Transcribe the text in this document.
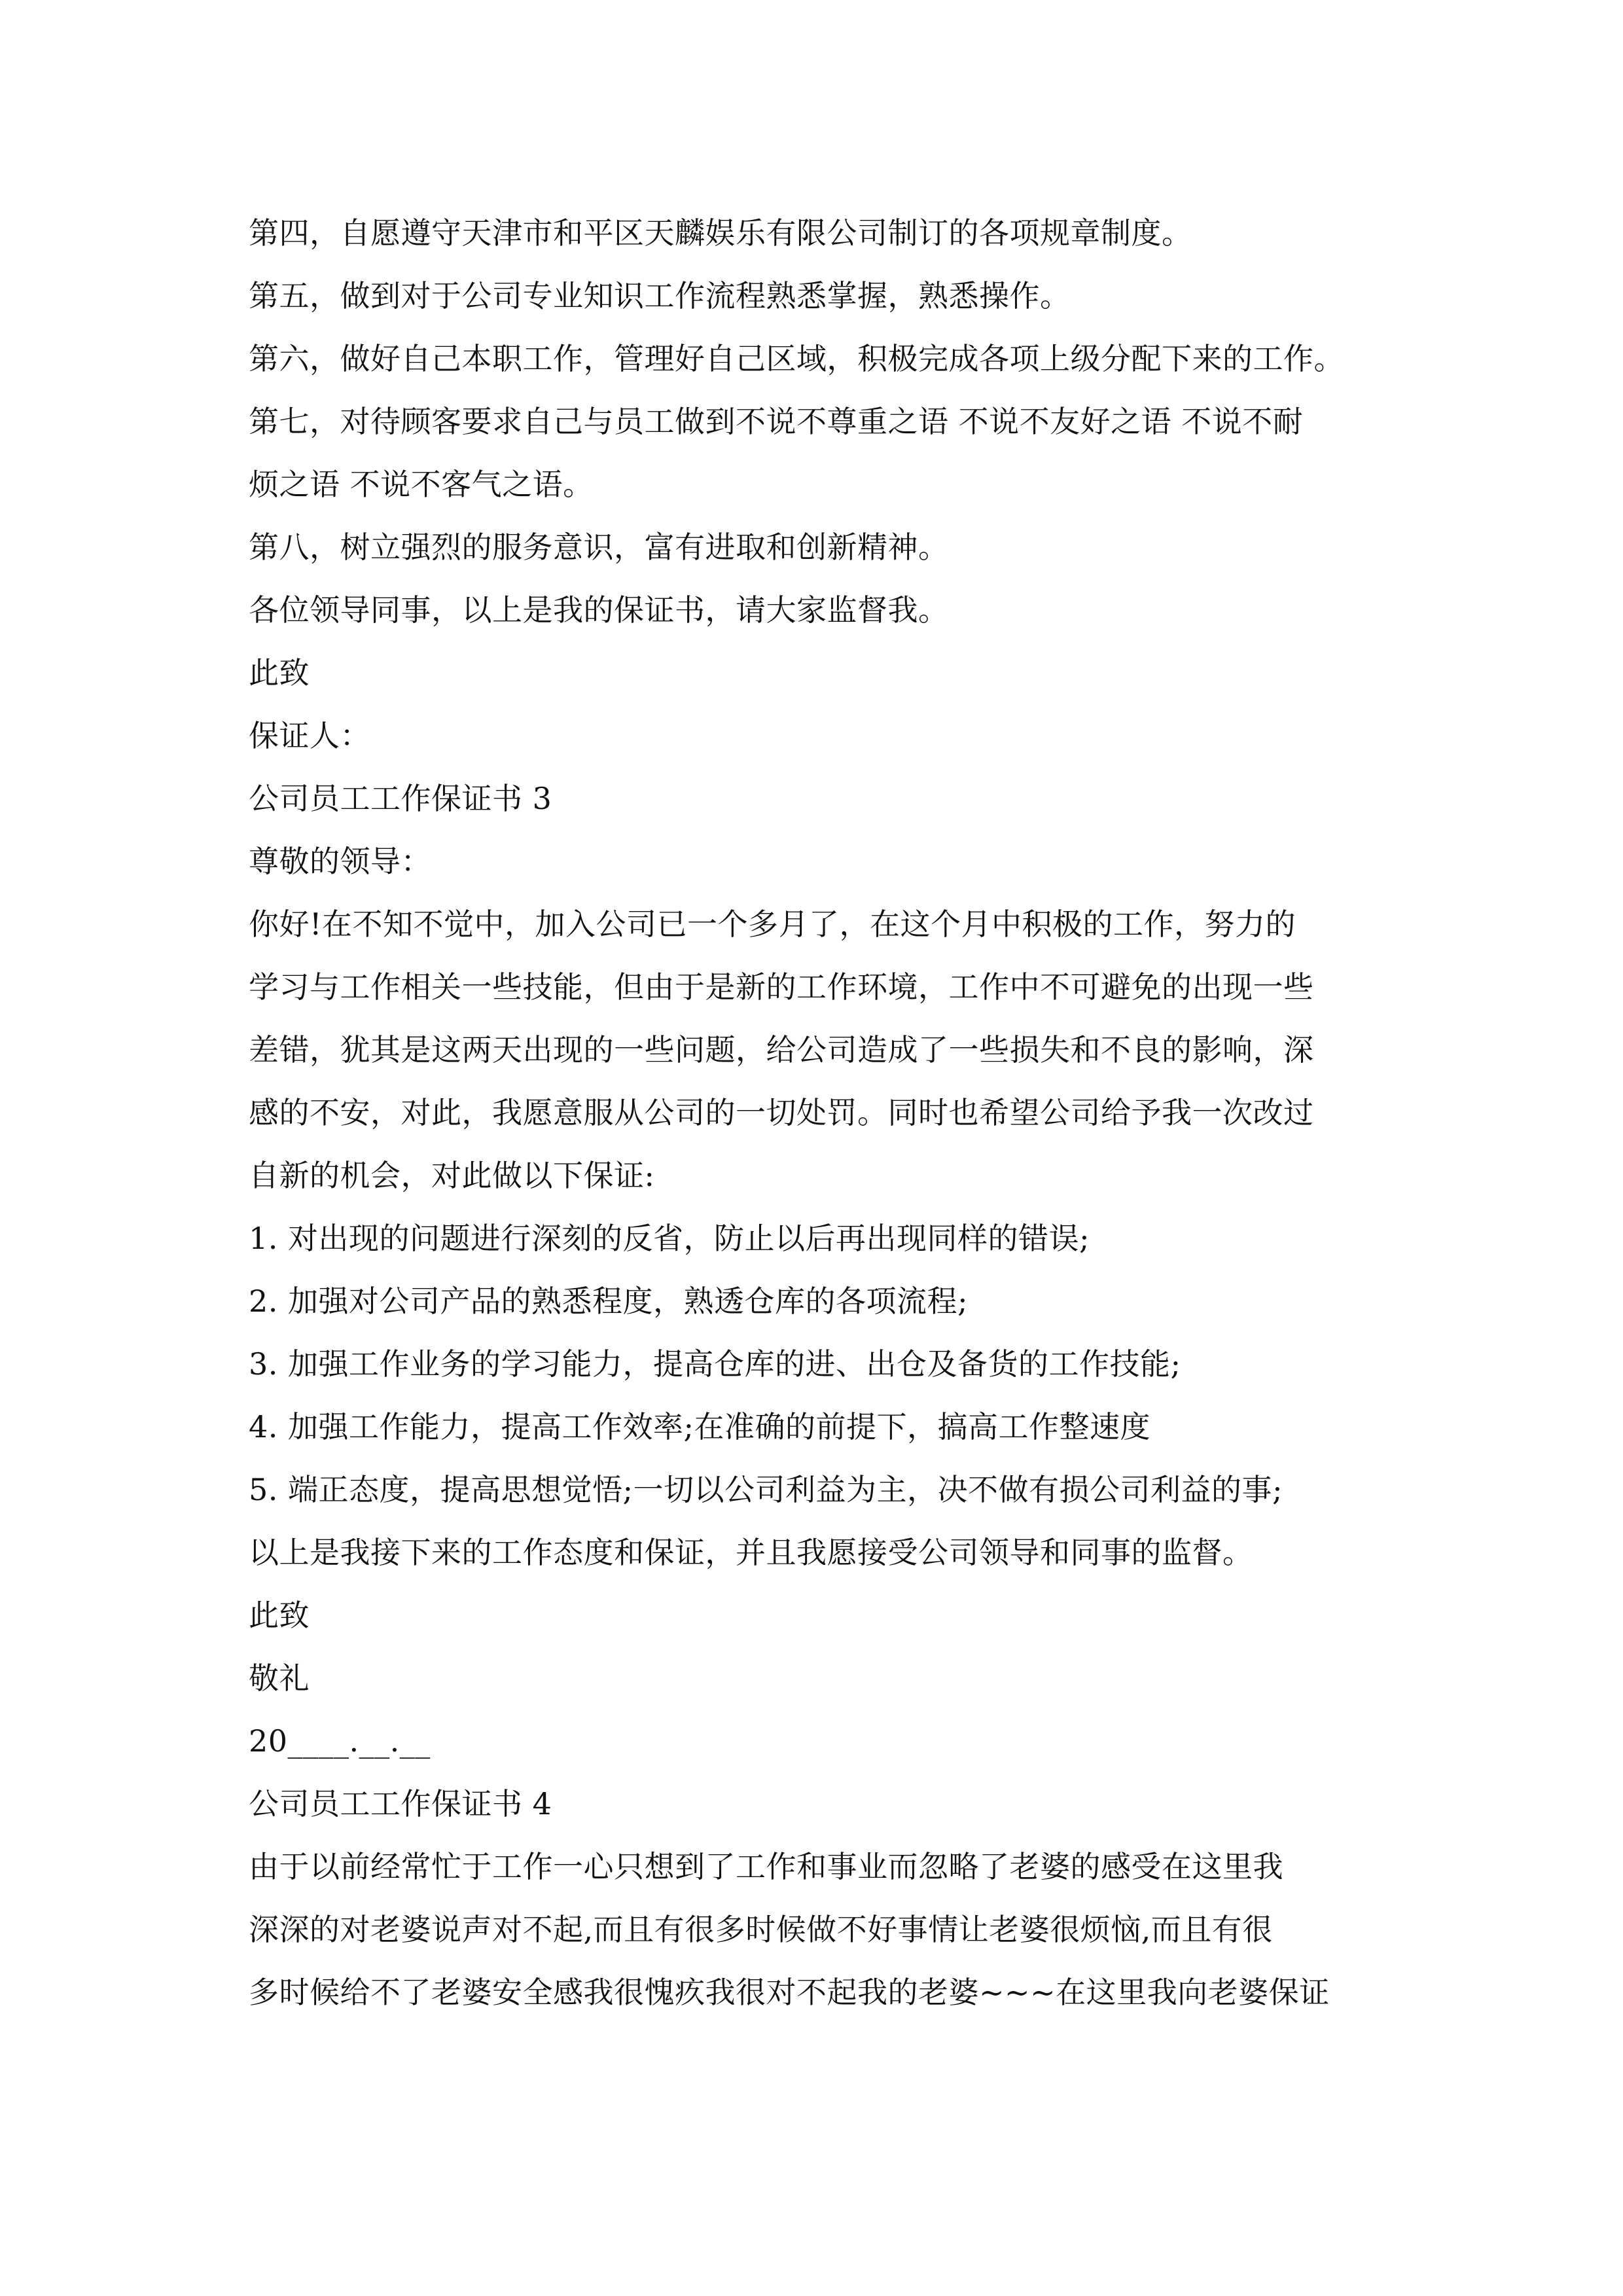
第四，自愿遵守天津市和平区天麟娱乐有限公司制订的各项规章制度。
第五，做到对于公司专业知识工作流程熟悉掌握，熟悉操作。
第六，做好自己本职工作，管理好自己区域，积极完成各项上级分配下来的工作。
第七，对待顾客要求自己与员工做到不说不尊重之语 不说不友好之语 不说不耐
烦之语 不说不客气之语。
第八，树立强烈的服务意识，富有进取和创新精神。
各位领导同事，以上是我的保证书，请大家监督我。
此致
保证人：
公司员工工作保证书 3
尊敬的领导：
你好!在不知不觉中，加入公司已一个多月了，在这个月中积极的工作，努力的
学习与工作相关一些技能，但由于是新的工作环境，工作中不可避免的出现一些
差错，犹其是这两天出现的一些问题，给公司造成了一些损失和不良的影响，深
感的不安，对此，我愿意服从公司的一切处罚。同时也希望公司给予我一次改过
自新的机会，对此做以下保证:
1. 对出现的问题进行深刻的反省，防止以后再出现同样的错误;
2. 加强对公司产品的熟悉程度，熟透仓库的各项流程;
3. 加强工作业务的学习能力，提高仓库的进、出仓及备货的工作技能;
4. 加强工作能力，提高工作效率;在准确的前提下，搞高工作整速度
5. 端正态度，提高思想觉悟;一切以公司利益为主，决不做有损公司利益的事;
以上是我接下来的工作态度和保证，并且我愿接受公司领导和同事的监督。
此致
敬礼
20____.__.__
公司员工工作保证书 4
由于以前经常忙于工作一心只想到了工作和事业而忽略了老婆的感受在这里我
深深的对老婆说声对不起,而且有很多时候做不好事情让老婆很烦恼,而且有很
多时候给不了老婆安全感我很愧疚我很对不起我的老婆~~~在这里我向老婆保证
